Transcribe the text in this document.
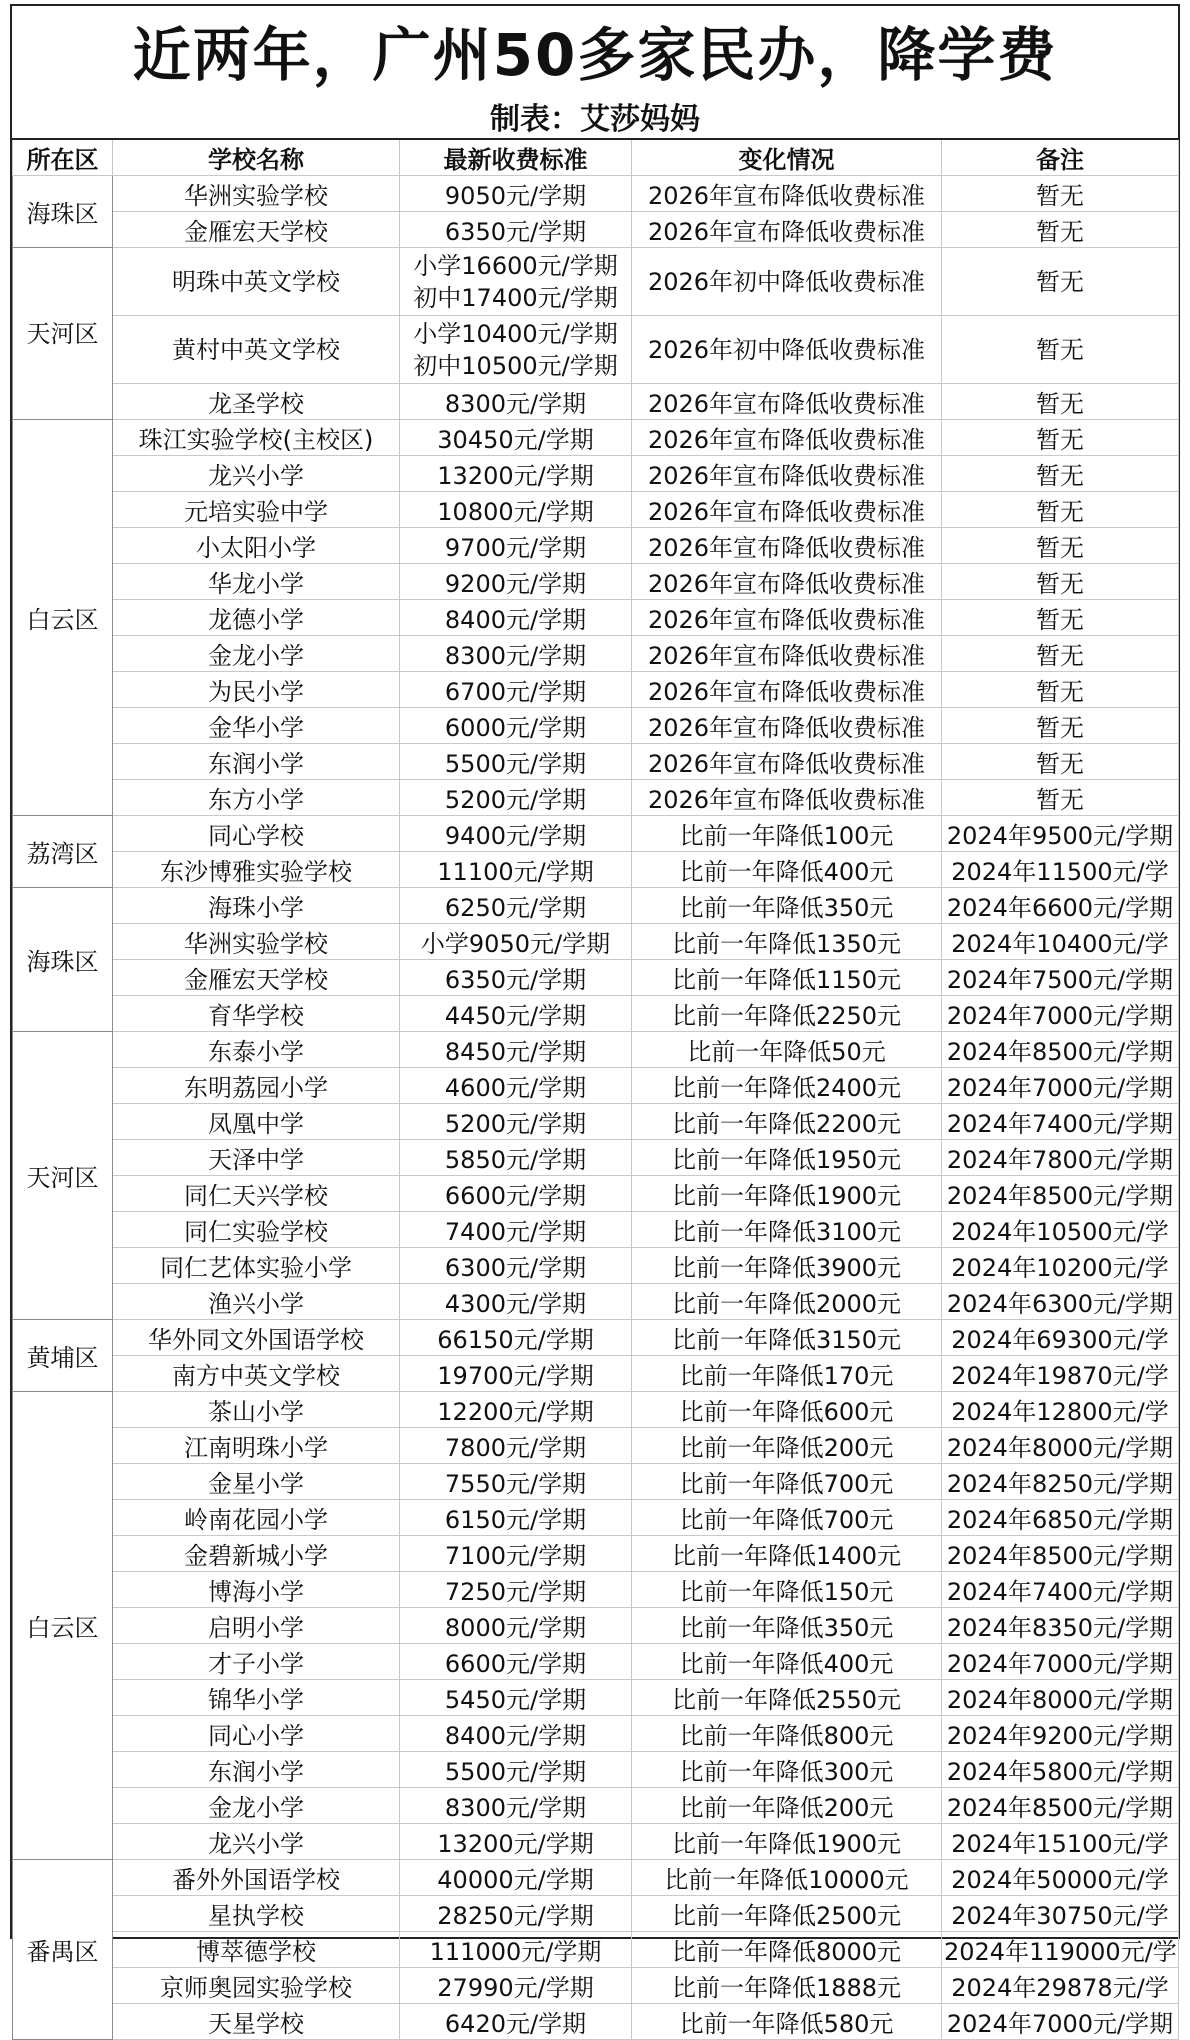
近两年，广州50多家民办，降学费
制表：艾莎妈妈
所在区	学校名称	最新收费标准	变化情况	备注
海珠区	华洲实验学校	9050元/学期	2026年宣布降低收费标准	暂无
	金雁宏天学校	6350元/学期	2026年宣布降低收费标准	暂无
天河区	明珠中英文学校	小学16600元/学期
初中17400元/学期	2026年初中降低收费标准	暂无
	黄村中英文学校	小学10400元/学期
初中10500元/学期	2026年初中降低收费标准	暂无
	龙圣学校	8300元/学期	2026年宣布降低收费标准	暂无
白云区	珠江实验学校(主校区)	30450元/学期	2026年宣布降低收费标准	暂无
	龙兴小学	13200元/学期	2026年宣布降低收费标准	暂无
	元培实验中学	10800元/学期	2026年宣布降低收费标准	暂无
	小太阳小学	9700元/学期	2026年宣布降低收费标准	暂无
	华龙小学	9200元/学期	2026年宣布降低收费标准	暂无
	龙德小学	8400元/学期	2026年宣布降低收费标准	暂无
	金龙小学	8300元/学期	2026年宣布降低收费标准	暂无
	为民小学	6700元/学期	2026年宣布降低收费标准	暂无
	金华小学	6000元/学期	2026年宣布降低收费标准	暂无
	东润小学	5500元/学期	2026年宣布降低收费标准	暂无
	东方小学	5200元/学期	2026年宣布降低收费标准	暂无
荔湾区	同心学校	9400元/学期	比前一年降低100元	2024年9500元/学期
	东沙博雅实验学校	11100元/学期	比前一年降低400元	2024年11500元/学
海珠区	海珠小学	6250元/学期	比前一年降低350元	2024年6600元/学期
	华洲实验学校	小学9050元/学期	比前一年降低1350元	2024年10400元/学
	金雁宏天学校	6350元/学期	比前一年降低1150元	2024年7500元/学期
	育华学校	4450元/学期	比前一年降低2250元	2024年7000元/学期
天河区	东泰小学	8450元/学期	比前一年降低50元	2024年8500元/学期
	东明荔园小学	4600元/学期	比前一年降低2400元	2024年7000元/学期
	凤凰中学	5200元/学期	比前一年降低2200元	2024年7400元/学期
	天泽中学	5850元/学期	比前一年降低1950元	2024年7800元/学期
	同仁天兴学校	6600元/学期	比前一年降低1900元	2024年8500元/学期
	同仁实验学校	7400元/学期	比前一年降低3100元	2024年10500元/学
	同仁艺体实验小学	6300元/学期	比前一年降低3900元	2024年10200元/学
	渔兴小学	4300元/学期	比前一年降低2000元	2024年6300元/学期
黄埔区	华外同文外国语学校	66150元/学期	比前一年降低3150元	2024年69300元/学
	南方中英文学校	19700元/学期	比前一年降低170元	2024年19870元/学
白云区	茶山小学	12200元/学期	比前一年降低600元	2024年12800元/学
	江南明珠小学	7800元/学期	比前一年降低200元	2024年8000元/学期
	金星小学	7550元/学期	比前一年降低700元	2024年8250元/学期
	岭南花园小学	6150元/学期	比前一年降低700元	2024年6850元/学期
	金碧新城小学	7100元/学期	比前一年降低1400元	2024年8500元/学期
	博海小学	7250元/学期	比前一年降低150元	2024年7400元/学期
	启明小学	8000元/学期	比前一年降低350元	2024年8350元/学期
	才子小学	6600元/学期	比前一年降低400元	2024年7000元/学期
	锦华小学	5450元/学期	比前一年降低2550元	2024年8000元/学期
	同心小学	8400元/学期	比前一年降低800元	2024年9200元/学期
	东润小学	5500元/学期	比前一年降低300元	2024年5800元/学期
	金龙小学	8300元/学期	比前一年降低200元	2024年8500元/学期
	龙兴小学	13200元/学期	比前一年降低1900元	2024年15100元/学
番禺区	番外外国语学校	40000元/学期	比前一年降低10000元	2024年50000元/学
	星执学校	28250元/学期	比前一年降低2500元	2024年30750元/学
	博萃德学校	111000元/学期	比前一年降低8000元	2024年119000元/学
	京师奥园实验学校	27990元/学期	比前一年降低1888元	2024年29878元/学
	天星学校	6420元/学期	比前一年降低580元	2024年7000元/学期
